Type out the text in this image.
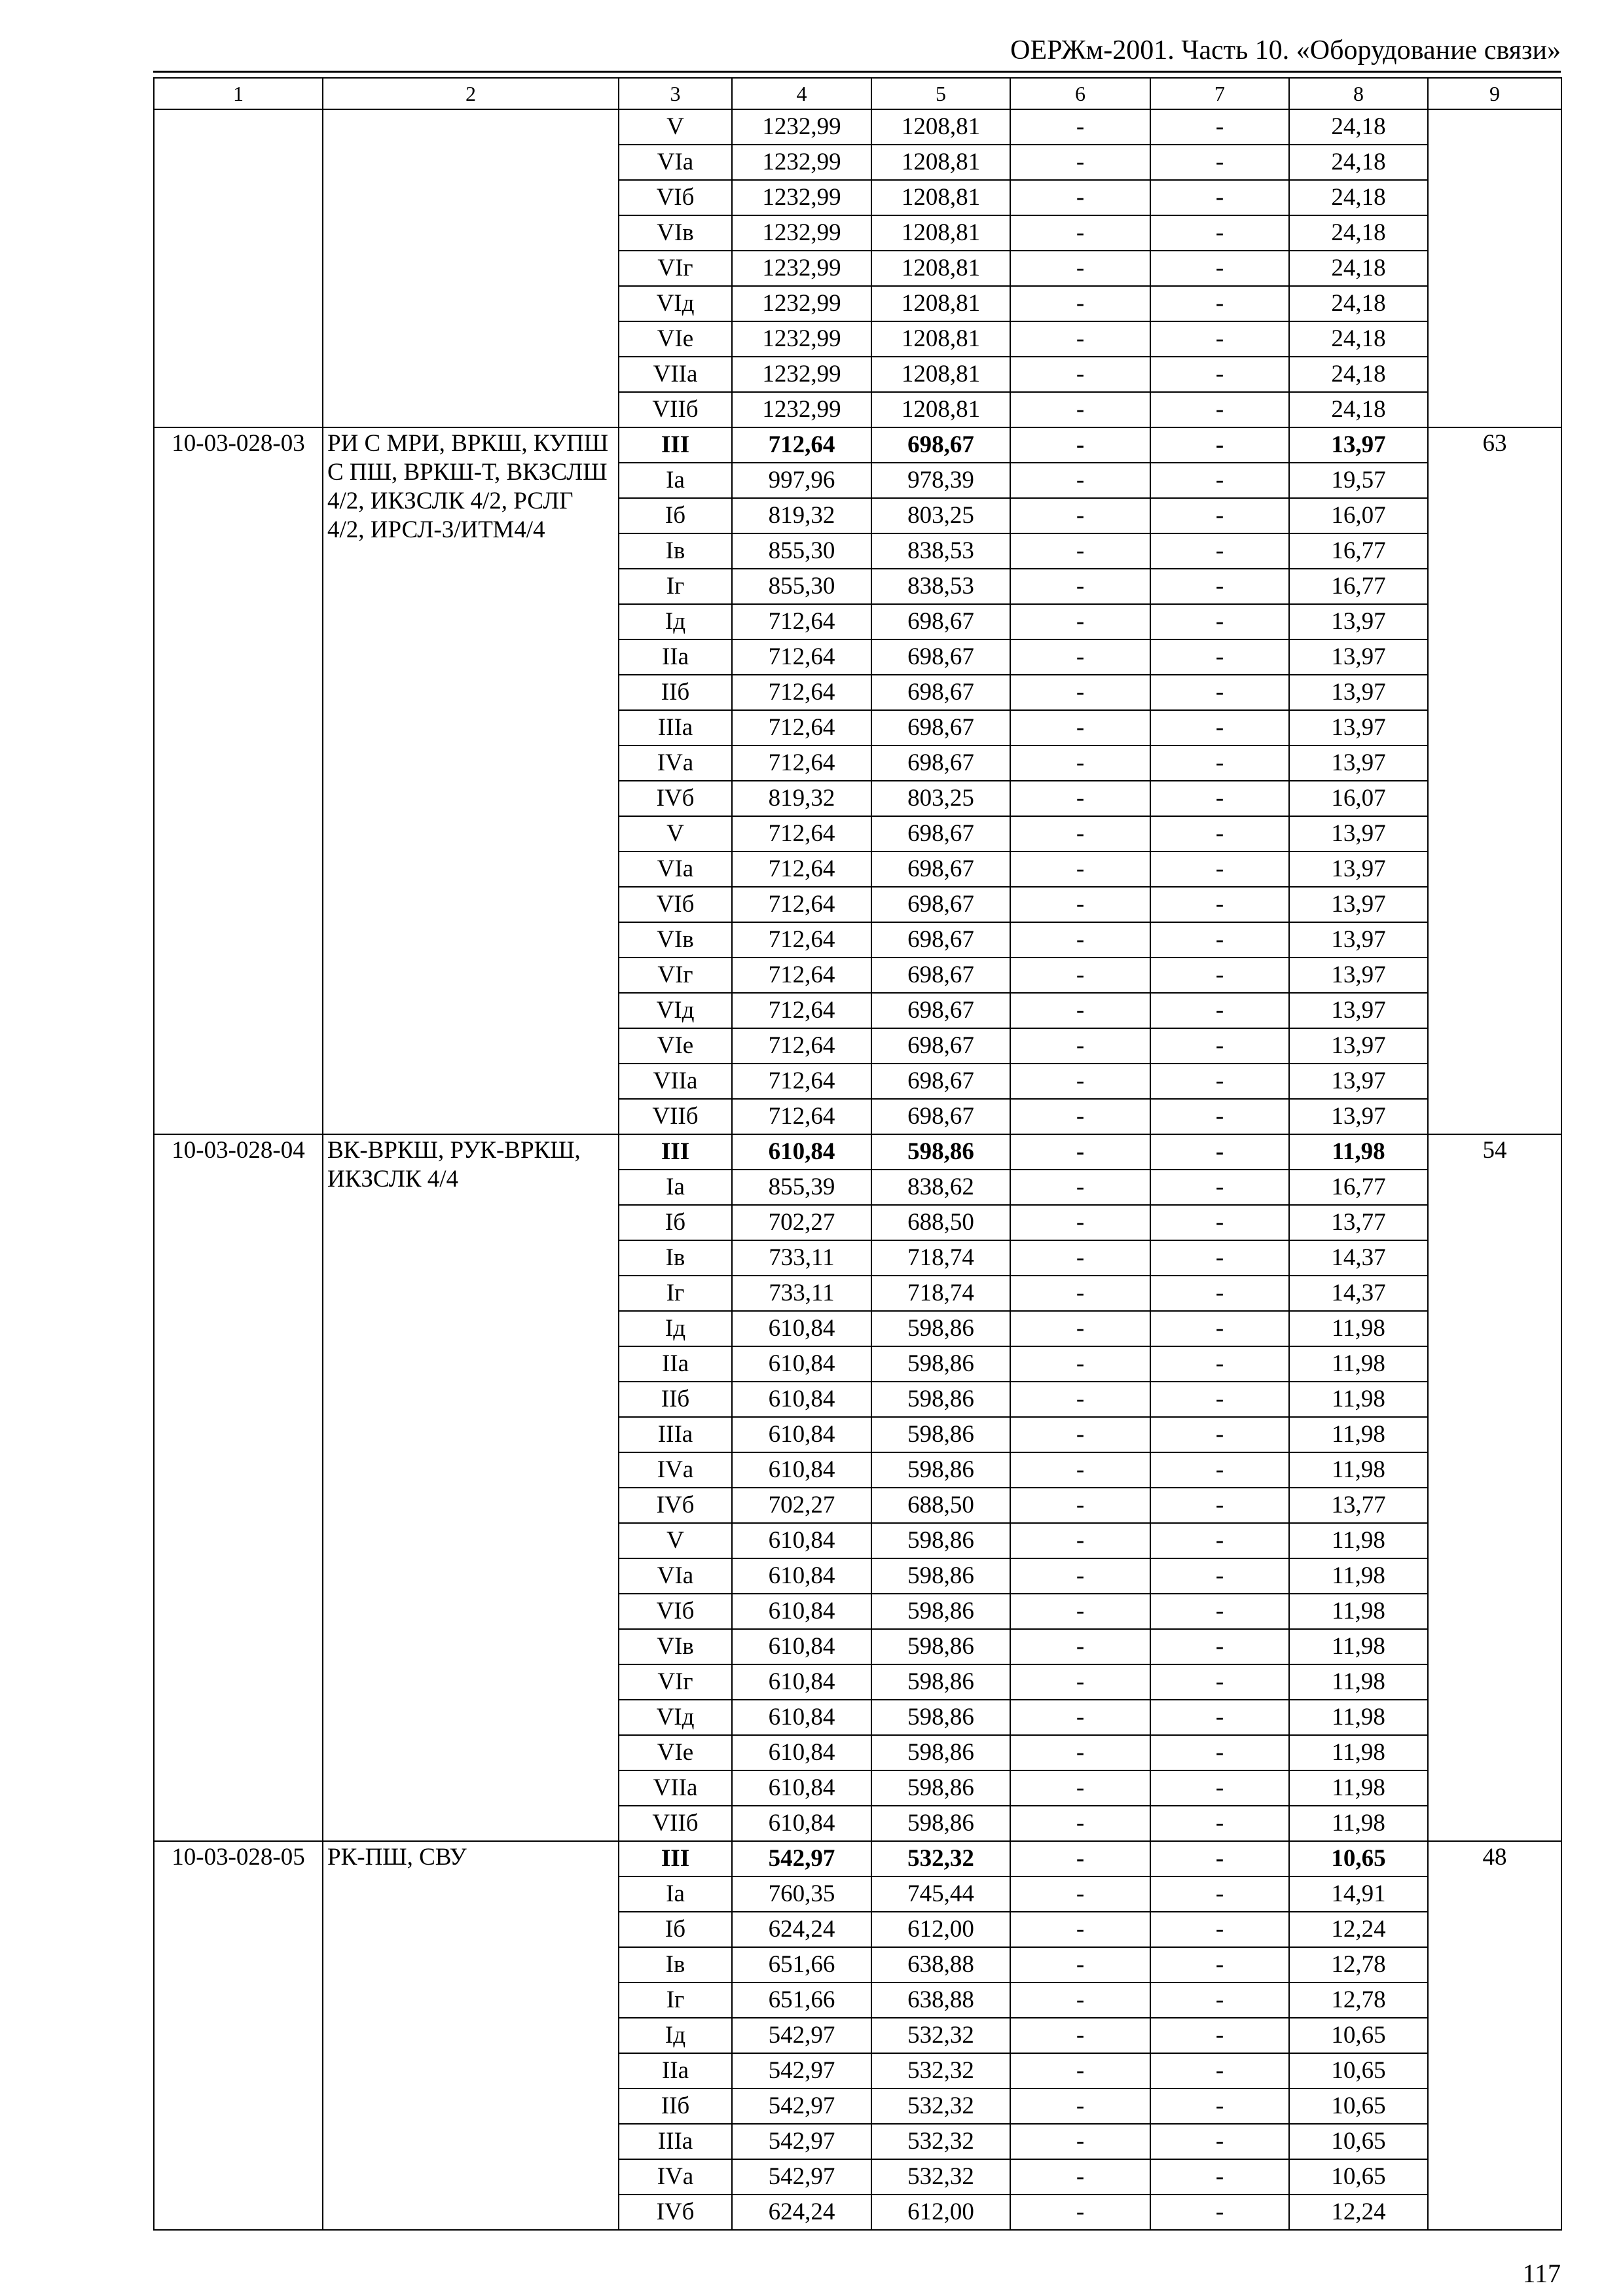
ОЕРЖм-2001. Часть 10. «Оборудование связи»
1	2	3	4	5	6	7	8	9
		V	1232,99	1208,81	-	-	24,18	
		VIа	1232,99	1208,81	-	-	24,18	
		VIб	1232,99	1208,81	-	-	24,18	
		VIв	1232,99	1208,81	-	-	24,18	
		VIг	1232,99	1208,81	-	-	24,18	
		VIд	1232,99	1208,81	-	-	24,18	
		VIе	1232,99	1208,81	-	-	24,18	
		VIIа	1232,99	1208,81	-	-	24,18	
		VIIб	1232,99	1208,81	-	-	24,18	
10-03-028-03	РИ С МРИ, ВРКШ, КУПШ С ПШ, ВРКШ-Т, ВКЗСЛШ 4/2, ИКЗСЛК 4/2, РСЛГ 4/2, ИРСЛ-3/ИТМ4/4	III	712,64	698,67	-	-	13,97	63
		Iа	997,96	978,39	-	-	19,57	
		Iб	819,32	803,25	-	-	16,07	
		Iв	855,30	838,53	-	-	16,77	
		Iг	855,30	838,53	-	-	16,77	
		Iд	712,64	698,67	-	-	13,97	
		IIа	712,64	698,67	-	-	13,97	
		IIб	712,64	698,67	-	-	13,97	
		IIIа	712,64	698,67	-	-	13,97	
		IVа	712,64	698,67	-	-	13,97	
		IVб	819,32	803,25	-	-	16,07	
		V	712,64	698,67	-	-	13,97	
		VIа	712,64	698,67	-	-	13,97	
		VIб	712,64	698,67	-	-	13,97	
		VIв	712,64	698,67	-	-	13,97	
		VIг	712,64	698,67	-	-	13,97	
		VIд	712,64	698,67	-	-	13,97	
		VIе	712,64	698,67	-	-	13,97	
		VIIа	712,64	698,67	-	-	13,97	
		VIIб	712,64	698,67	-	-	13,97	
10-03-028-04	ВК-ВРКШ, РУК-ВРКШ, ИКЗСЛК 4/4	III	610,84	598,86	-	-	11,98	54
		Iа	855,39	838,62	-	-	16,77	
		Iб	702,27	688,50	-	-	13,77	
		Iв	733,11	718,74	-	-	14,37	
		Iг	733,11	718,74	-	-	14,37	
		Iд	610,84	598,86	-	-	11,98	
		IIа	610,84	598,86	-	-	11,98	
		IIб	610,84	598,86	-	-	11,98	
		IIIа	610,84	598,86	-	-	11,98	
		IVа	610,84	598,86	-	-	11,98	
		IVб	702,27	688,50	-	-	13,77	
		V	610,84	598,86	-	-	11,98	
		VIа	610,84	598,86	-	-	11,98	
		VIб	610,84	598,86	-	-	11,98	
		VIв	610,84	598,86	-	-	11,98	
		VIг	610,84	598,86	-	-	11,98	
		VIд	610,84	598,86	-	-	11,98	
		VIе	610,84	598,86	-	-	11,98	
		VIIа	610,84	598,86	-	-	11,98	
		VIIб	610,84	598,86	-	-	11,98	
10-03-028-05	РК-ПШ, СВУ	III	542,97	532,32	-	-	10,65	48
		Iа	760,35	745,44	-	-	14,91	
		Iб	624,24	612,00	-	-	12,24	
		Iв	651,66	638,88	-	-	12,78	
		Iг	651,66	638,88	-	-	12,78	
		Iд	542,97	532,32	-	-	10,65	
		IIа	542,97	532,32	-	-	10,65	
		IIб	542,97	532,32	-	-	10,65	
		IIIа	542,97	532,32	-	-	10,65	
		IVа	542,97	532,32	-	-	10,65	
		IVб	624,24	612,00	-	-	12,24	
117
